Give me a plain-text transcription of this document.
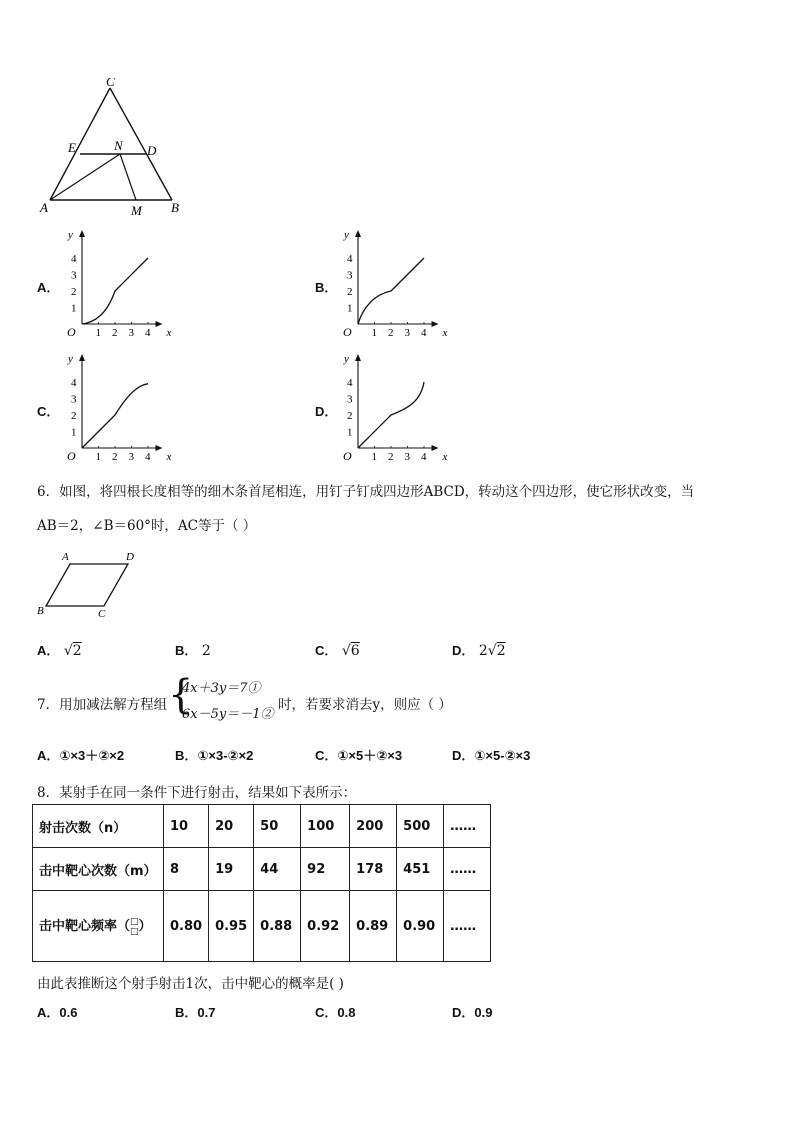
C
E	N D
A	M B
A．	B．
C．	D．
1
1
2
2
3
3
4
4
O	x
y
1
1
2
2
3
3
4
4
O	x
y
1
1
2
2
3
3
4
4
O	x
y
1
1
2
2
3
3
4
4
O	x
y
6．如图，将四根长度相等的细木条首尾相连，用钉子钉成四边形ABCD，转动这个四边形，使它形状改变，当
AB＝2，∠B＝60°时，AC等于（ ）
A	D
B	C
A． √2	B． 2	C． √6	D． 2√2
7．用加减法解方程组 {
4x＋3y＝7①
6x－5y＝－1②
时，若要求消去y，则应（ ）
A．①×3＋②×2	B．①×3-②×2	C．①×5＋②×3	D．①×5-②×3
8．某射手在同一条件下进行射击，结果如下表所示：
射击次数（n）	10	20	50	100	200	500	……
击中靶心次数（m）	8	19	44	92	178	451	……
击中靶心频率（□
□）	0.80	0.95	0.88	0.92	0.89	0.90	……
由此表推断这个射手射击1次，击中靶心的概率是( )
A．0.6	B．0.7	C．0.8	D．0.9
